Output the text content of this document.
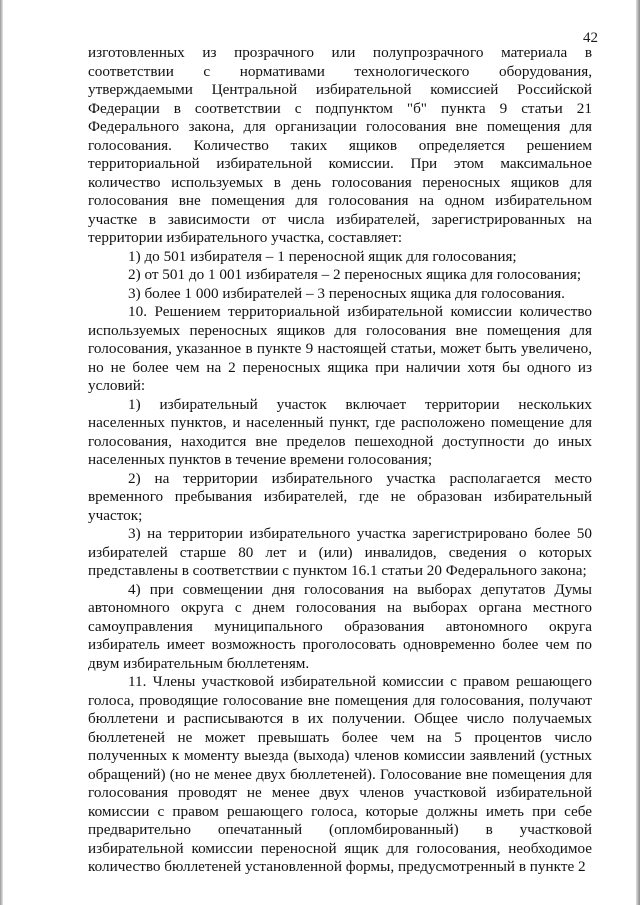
42

изготовленных из прозрачного или полупрозрачного материала в соответствии с нормативами технологического оборудования, утверждаемыми Центральной избирательной комиссией Российской Федерации в соответствии с подпунктом "б" пункта 9 статьи 21 Федерального закона, для организации голосования вне помещения для голосования. Количество таких ящиков определяется решением территориальной избирательной комиссии. При этом максимальное количество используемых в день голосования переносных ящиков для голосования вне помещения для голосования на одном избирательном участке в зависимости от числа избирателей, зарегистрированных на территории избирательного участка, составляет:

1) до 501 избирателя – 1 переносной ящик для голосования;

2) от 501 до 1 001 избирателя – 2 переносных ящика для голосования;

3) более 1 000 избирателей – 3 переносных ящика для голосования.

10. Решением территориальной избирательной комиссии количество используемых переносных ящиков для голосования вне помещения для голосования, указанное в пункте 9 настоящей статьи, может быть увеличено, но не более чем на 2 переносных ящика при наличии хотя бы одного из условий:

1) избирательный участок включает территории нескольких населенных пунктов, и населенный пункт, где расположено помещение для голосования, находится вне пределов пешеходной доступности до иных населенных пунктов в течение времени голосования;

2) на территории избирательного участка располагается место временного пребывания избирателей, где не образован избирательный участок;

3) на территории избирательного участка зарегистрировано более 50 избирателей старше 80 лет и (или) инвалидов, сведения о которых представлены в соответствии с пунктом 16.1 статьи 20 Федерального закона;

4) при совмещении дня голосования на выборах депутатов Думы автономного округа с днем голосования на выборах органа местного самоуправления муниципального образования автономного округа избиратель имеет возможность проголосовать одновременно более чем по двум избирательным бюллетеням.

11. Члены участковой избирательной комиссии с правом решающего голоса, проводящие голосование вне помещения для голосования, получают бюллетени и расписываются в их получении. Общее число получаемых бюллетеней не может превышать более чем на 5 процентов число полученных к моменту выезда (выхода) членов комиссии заявлений (устных обращений) (но не менее двух бюллетеней). Голосование вне помещения для голосования проводят не менее двух членов участковой избирательной комиссии с правом решающего голоса, которые должны иметь при себе предварительно опечатанный (опломбированный) в участковой избирательной комиссии переносной ящик для голосования, необходимое количество бюллетеней установленной формы, предусмотренный в пункте 2
